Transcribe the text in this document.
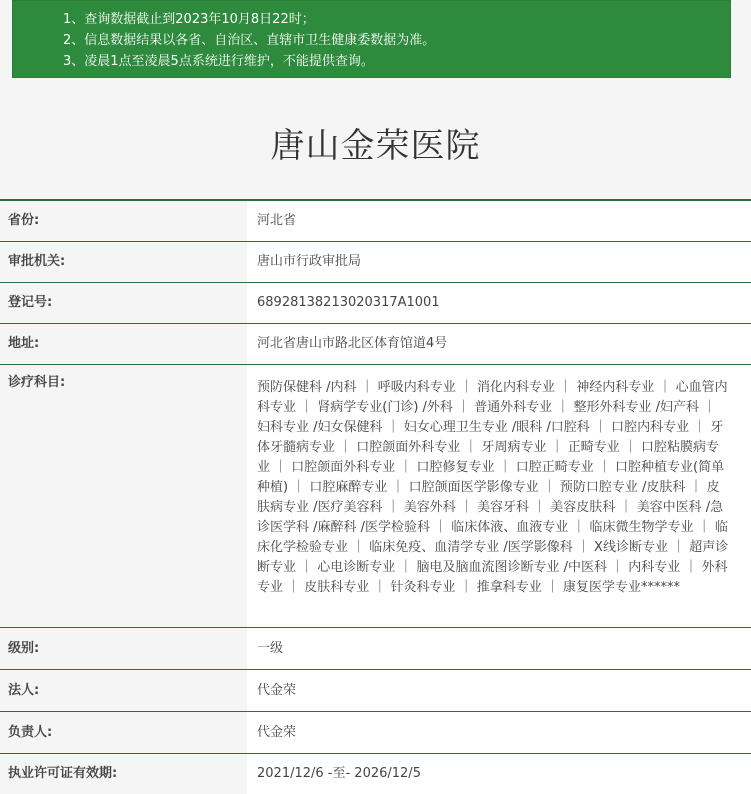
1、查询数据截止到2023年10月8日22时；
2、信息数据结果以各省、自治区、直辖市卫生健康委数据为准。
3、凌晨1点至凌晨5点系统进行维护，不能提供查询。
唐山金荣医院
省份:	河北省
审批机关:	唐山市行政审批局
登记号:	68928138213020317A1001
地址:	河北省唐山市路北区体育馆道4号
诊疗科目:	预防保健科 /内科 ｜ 呼吸内科专业 ｜ 消化内科专业 ｜ 神经内科专业 ｜ 心血管内科专业 ｜ 肾病学专业(门诊) /外科 ｜ 普通外科专业 ｜ 整形外科专业 /妇产科 ｜ 妇科专业 /妇女保健科 ｜ 妇女心理卫生专业 /眼科 /口腔科 ｜ 口腔内科专业 ｜ 牙体牙髓病专业 ｜ 口腔颌面外科专业 ｜ 牙周病专业 ｜ 正畸专业 ｜ 口腔粘膜病专业 ｜ 口腔颌面外科专业 ｜ 口腔修复专业 ｜ 口腔正畸专业 ｜ 口腔种植专业(简单种植) ｜ 口腔麻醉专业 ｜ 口腔颌面医学影像专业 ｜ 预防口腔专业 /皮肤科 ｜ 皮肤病专业 /医疗美容科 ｜ 美容外科 ｜ 美容牙科 ｜ 美容皮肤科 ｜ 美容中医科 /急诊医学科 /麻醉科 /医学检验科 ｜ 临床体液、血液专业 ｜ 临床微生物学专业 ｜ 临床化学检验专业 ｜ 临床免疫、血清学专业 /医学影像科 ｜ X线诊断专业 ｜ 超声诊断专业 ｜ 心电诊断专业 ｜ 脑电及脑血流图诊断专业 /中医科 ｜ 内科专业 ｜ 外科专业 ｜ 皮肤科专业 ｜ 针灸科专业 ｜ 推拿科专业 ｜ 康复医学专业******
级别:	一级
法人:	代金荣
负责人:	代金荣
执业许可证有效期:	2021/12/6 -至- 2026/12/5
